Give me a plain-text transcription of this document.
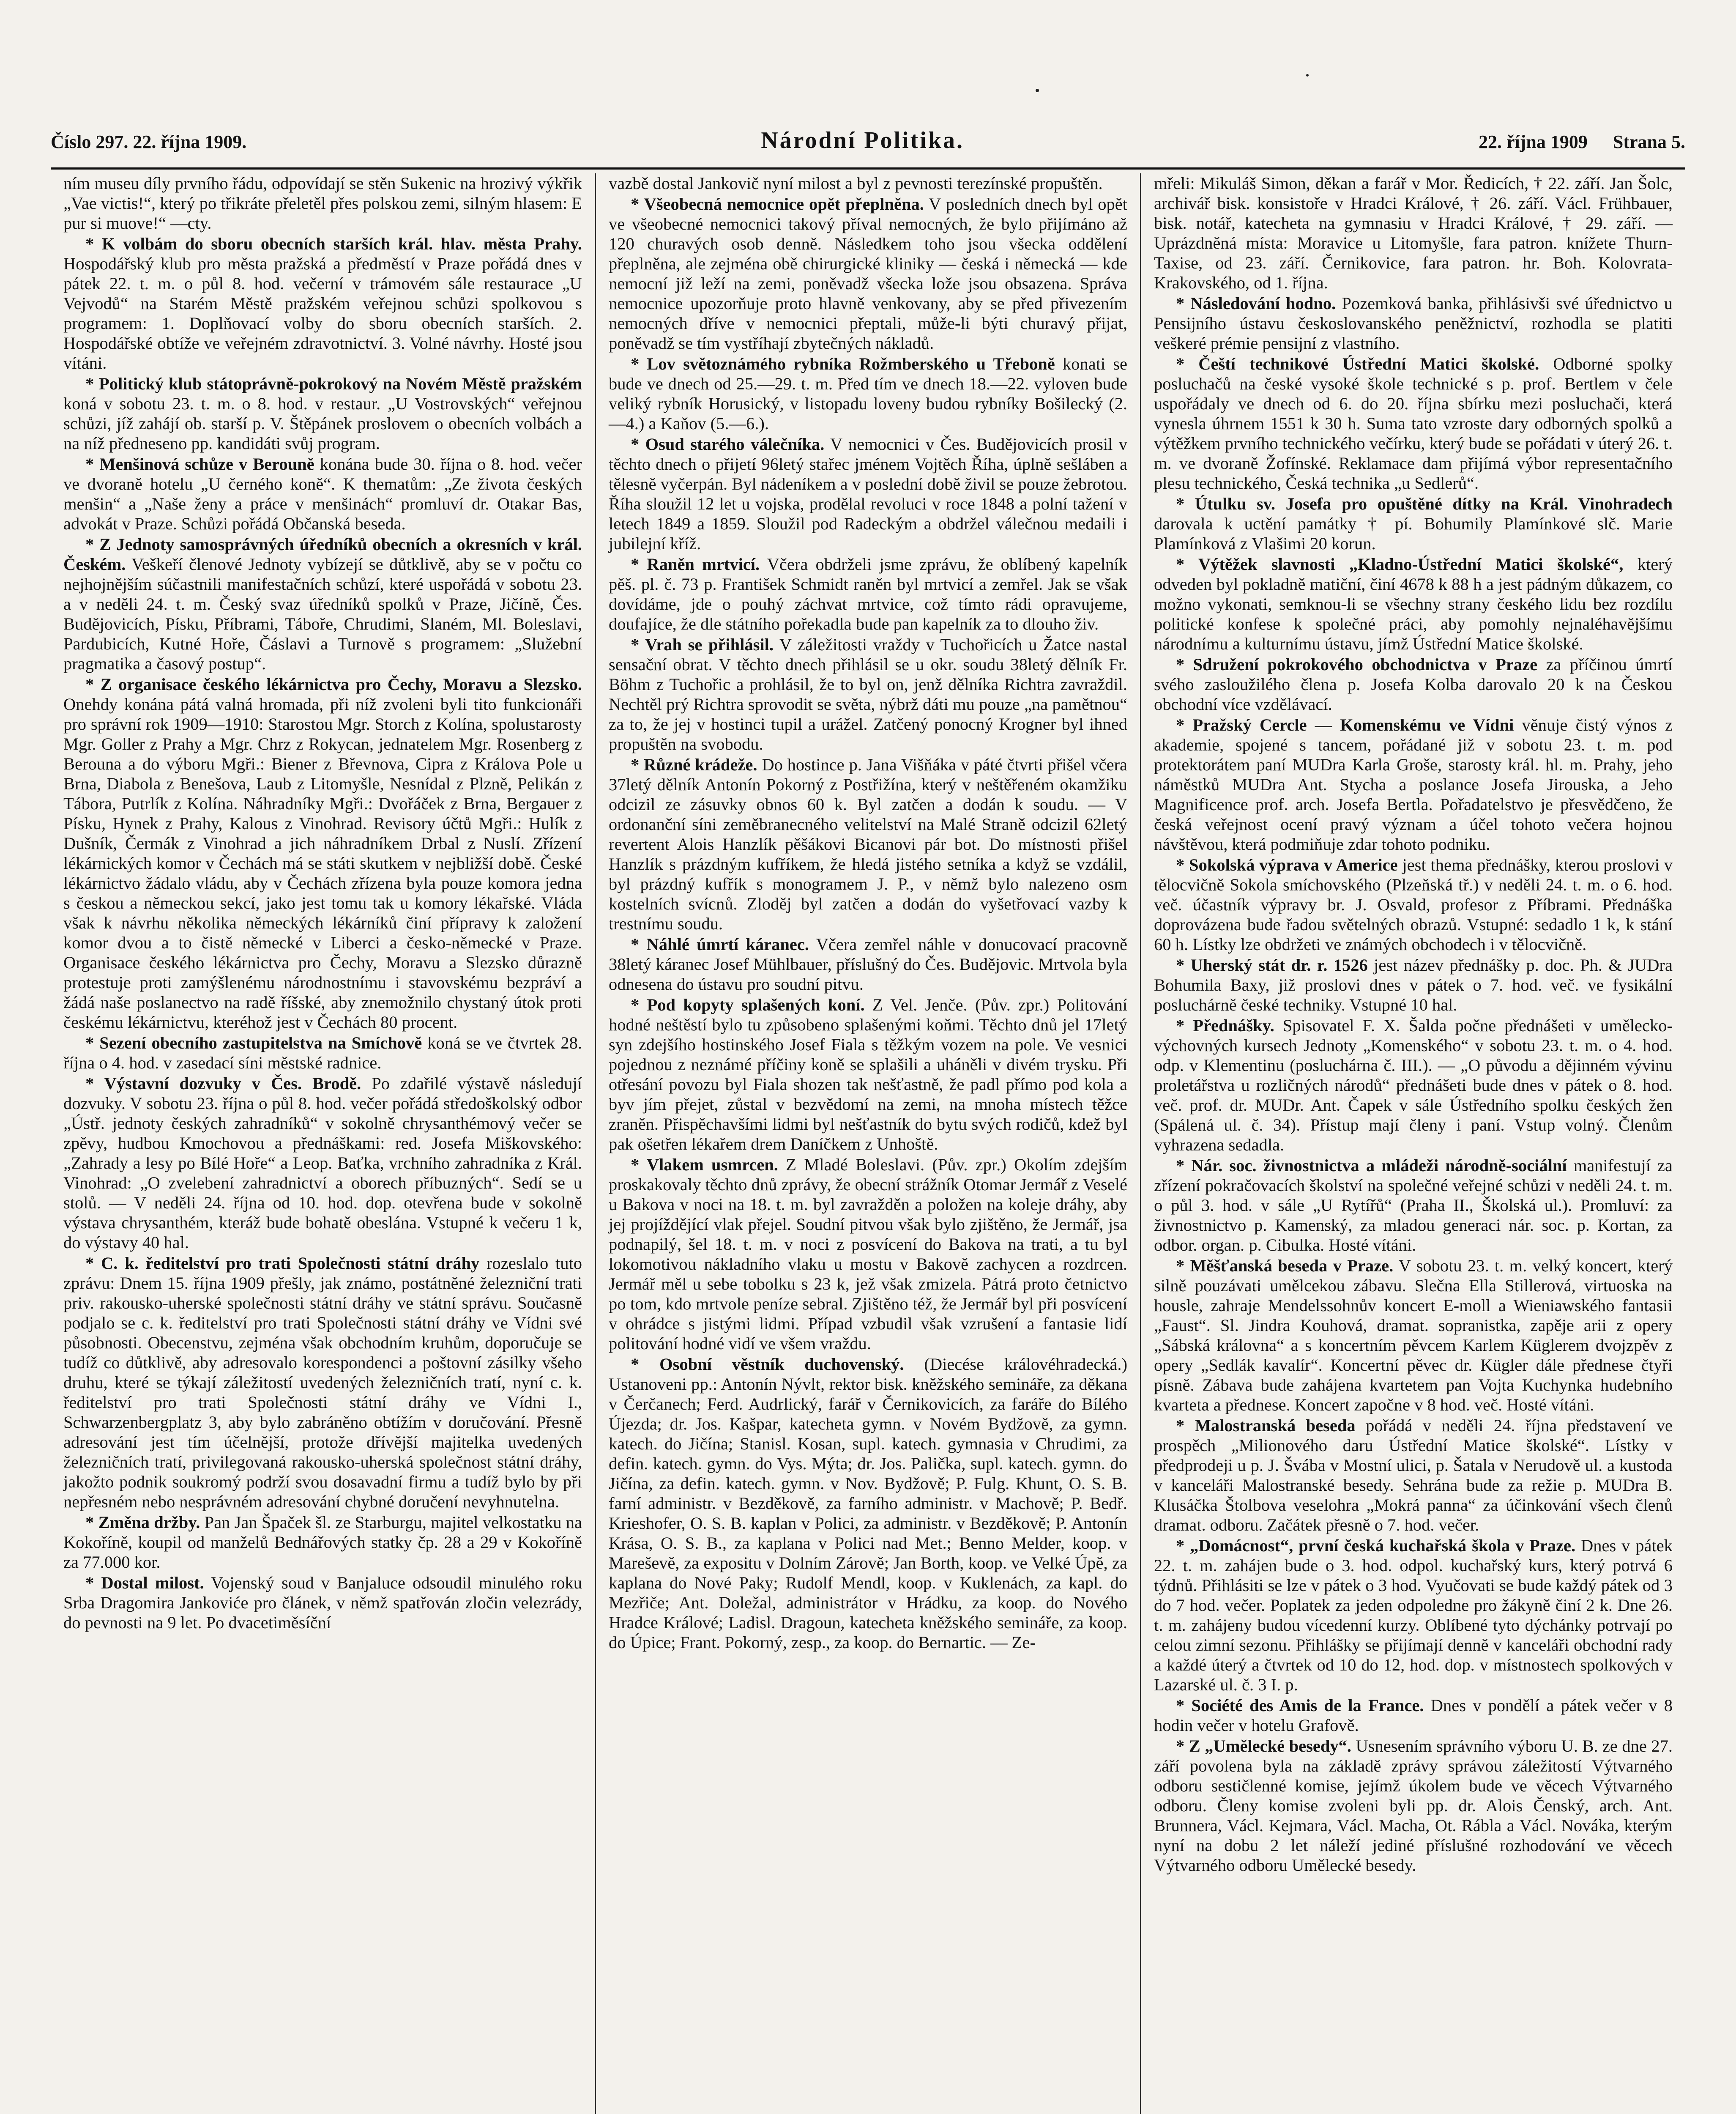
Číslo 297. 22. října 1909.	Národní Politika.	22. října 1909 Strana 5.

ním museu díly prvního řádu, odpovídají se stěn Sukenic na hrozivý výkřik „Vae victis!“, který po třikráte přeletěl přes polskou zemi, silným hlasem: E pur si muove!“ —cty.

* K volbám do sboru obecních starších král. hlav. města Prahy. Hospodářský klub pro města pražská a předměstí v Praze pořádá dnes v pátek 22. t. m. o půl 8. hod. večerní v trámovém sále restaurace „U Vejvodů“ na Starém Městě pražském veřejnou schůzi spolkovou s programem: 1. Doplňovací volby do sboru obecních starších. 2. Hospodářské obtíže ve veřejném zdravotnictví. 3. Volné návrhy. Hosté jsou vítáni.

* Politický klub státoprávně-pokrokový na Novém Městě pražském koná v sobotu 23. t. m. o 8. hod. v restaur. „U Vostrovských“ veřejnou schůzi, jíž zahájí ob. starší p. V. Štěpánek proslovem o obecních volbách a na níž předneseno pp. kandidáti svůj program.

* Menšinová schůze v Berouně konána bude 30. října o 8. hod. večer ve dvoraně hotelu „U černého koně“. K thematům: „Ze života českých menšin“ a „Naše ženy a práce v menšinách“ promluví dr. Otakar Bas, advokát v Praze. Schůzi pořádá Občanská beseda.

* Z Jednoty samosprávných úředníků obecních a okresních v král. Českém. Veškeří členové Jednoty vybízejí se důtklivě, aby se v počtu co nejhojnějším súčastnili manifestačních schůzí, které uspořádá v sobotu 23. a v neděli 24. t. m. Český svaz úředníků spolků v Praze, Jičíně, Čes. Budějovicích, Písku, Příbrami, Táboře, Chrudimi, Slaném, Ml. Boleslavi, Pardubicích, Kutné Hoře, Čáslavi a Turnově s programem: „Služební pragmatika a časový postup“.

* Z organisace českého lékárnictva pro Čechy, Moravu a Slezsko. Onehdy konána pátá valná hromada, při níž zvoleni byli tito funkcionáři pro správní rok 1909—1910: Starostou Mgr. Storch z Kolína, spolustarosty Mgr. Goller z Prahy a Mgr. Chrz z Rokycan, jednatelem Mgr. Rosenberg z Berouna a do výboru Mgři.: Biener z Břevnova, Cipra z Králova Pole u Brna, Diabola z Benešova, Laub z Litomyšle, Nesnídal z Plzně, Pelikán z Tábora, Putrlík z Kolína. Náhradníky Mgři.: Dvořáček z Brna, Bergauer z Písku, Hynek z Prahy, Kalous z Vinohrad. Revisory účtů Mgři.: Hulík z Dušník, Čermák z Vinohrad a jich náhradníkem Drbal z Nuslí. Zřízení lékárnických komor v Čechách má se státi skutkem v nejbližší době. České lékárnictvo žádalo vládu, aby v Čechách zřízena byla pouze komora jedna s českou a německou sekcí, jako jest tomu tak u komory lékařské. Vláda však k návrhu několika německých lékárníků činí přípravy k založení komor dvou a to čistě německé v Liberci a česko-německé v Praze. Organisace českého lékárnictva pro Čechy, Moravu a Slezsko důrazně protestuje proti zamýšlenému národnostnímu i stavovskému bezpráví a žádá naše poslanectvo na radě říšské, aby znemožnilo chystaný útok proti českému lékárnictvu, kteréhož jest v Čechách 80 procent.

* Sezení obecního zastupitelstva na Smíchově koná se ve čtvrtek 28. října o 4. hod. v zasedací síni městské radnice.

* Výstavní dozvuky v Čes. Brodě. Po zdařilé výstavě následují dozvuky. V sobotu 23. října o půl 8. hod. večer pořádá středoškolský odbor „Ústř. jednoty českých zahradníků“ v sokolně chrysanthémový večer se zpěvy, hudbou Kmochovou a přednáškami: red. Josefa Miškovského: „Zahrady a lesy po Bílé Hoře“ a Leop. Baťka, vrchního zahradníka z Král. Vinohrad: „O zvelebení zahradnictví a oborech příbuzných“. Sedí se u stolů. — V neděli 24. října od 10. hod. dop. otevřena bude v sokolně výstava chrysanthém, kteráž bude bohatě obeslána. Vstupné k večeru 1 k, do výstavy 40 hal.

* C. k. ředitelství pro trati Společnosti státní dráhy rozeslalo tuto zprávu: Dnem 15. října 1909 přešly, jak známo, postátněné železniční trati priv. rakousko-uherské společnosti státní dráhy ve státní správu. Současně podjalo se c. k. ředitelství pro trati Společnosti státní dráhy ve Vídni své působnosti. Obecenstvu, zejména však obchodním kruhům, doporučuje se tudíž co důtklivě, aby adresovalo korespondenci a poštovní zásilky všeho druhu, které se týkají záležitostí uvedených železničních tratí, nyní c. k. ředitelství pro trati Společnosti státní dráhy ve Vídni I., Schwarzenbergplatz 3, aby bylo zabráněno obtížím v doručování. Přesně adresování jest tím účelnější, protože dřívější majitelka uvedených železničních tratí, privilegovaná rakousko-uherská společnost státní dráhy, jakožto podnik soukromý podrží svou dosavadní firmu a tudíž bylo by při nepřesném nebo nesprávném adresování chybné doručení nevyhnutelna.

* Změna držby. Pan Jan Špaček šl. ze Starburgu, majitel velkostatku na Kokoříně, koupil od manželů Bednářových statky čp. 28 a 29 v Kokoříně za 77.000 kor.

* Dostal milost. Vojenský soud v Banjaluce odsoudil minulého roku Srba Dragomira Jankoviće pro článek, v němž spatřován zločin velezrády, do pevnosti na 9 let. Po dvacetiměsíční

vazbě dostal Jankovič nyní milost a byl z pevnosti terezínské propuštěn.

* Všeobecná nemocnice opět přeplněna. V posledních dnech byl opět ve všeobecné nemocnici takový příval nemocných, že bylo přijímáno až 120 churavých osob denně. Následkem toho jsou všecka oddělení přeplněna, ale zejména obě chirurgické kliniky — česká i německá — kde nemocní již leží na zemi, poněvadž všecka lože jsou obsazena. Správa nemocnice upozorňuje proto hlavně venkovany, aby se před přivezením nemocných dříve v nemocnici přeptali, může-li býti churavý přijat, poněvadž se tím vystříhají zbytečných nákladů.

* Lov světoznámého rybníka Rožmberského u Třeboně konati se bude ve dnech od 25.—29. t. m. Před tím ve dnech 18.—22. vyloven bude veliký rybník Horusický, v listopadu loveny budou rybníky Bošilecký (2.—4.) a Kaňov (5.—6.).

* Osud starého válečníka. V nemocnici v Čes. Budějovicích prosil v těchto dnech o přijetí 96letý stařec jménem Vojtěch Říha, úplně sešláben a tělesně vyčerpán. Byl nádeníkem a v poslední době živil se pouze žebrotou. Říha sloužil 12 let u vojska, prodělal revoluci v roce 1848 a polní tažení v letech 1849 a 1859. Sloužil pod Radeckým a obdržel válečnou medaili i jubilejní kříž.

* Raněn mrtvicí. Včera obdrželi jsme zprávu, že oblíbený kapelník pěš. pl. č. 73 p. František Schmidt raněn byl mrtvicí a zemřel. Jak se však dovídáme, jde o pouhý záchvat mrtvice, což tímto rádi opravujeme, doufajíce, že dle státního pořekadla bude pan kapelník za to dlouho živ.

* Vrah se přihlásil. V záležitosti vraždy v Tuchořicích u Žatce nastal sensační obrat. V těchto dnech přihlásil se u okr. soudu 38letý dělník Fr. Böhm z Tuchořic a prohlásil, že to byl on, jenž dělníka Richtra zavraždil. Nechtěl prý Richtra sprovodit se světa, nýbrž dáti mu pouze „na pamětnou“ za to, že jej v hostinci tupil a urážel. Zatčený ponocný Krogner byl ihned propuštěn na svobodu.

* Různé krádeže. Do hostince p. Jana Višňáka v páté čtvrti přišel včera 37letý dělník Antonín Pokorný z Postřižína, který v neštěřeném okamžiku odcizil ze zásuvky obnos 60 k. Byl zatčen a dodán k soudu. — V ordonanční síni zeměbranecného velitelství na Malé Straně odcizil 62letý revertent Alois Hanzlík pěšákovi Bicanovi pár bot. Do místnosti přišel Hanzlík s prázdným kufříkem, že hledá jistého setníka a když se vzdálil, byl prázdný kufřík s monogramem J. P., v němž bylo nalezeno osm kostelních svícnů. Zloděj byl zatčen a dodán do vyšetřovací vazby k trestnímu soudu.

* Náhlé úmrtí káranec. Včera zemřel náhle v donucovací pracovně 38letý káranec Josef Mühlbauer, příslušný do Čes. Budějovic. Mrtvola byla odnesena do ústavu pro soudní pitvu.

* Pod kopyty splašených koní. Z Vel. Jenče. (Pův. zpr.) Politování hodné neštěstí bylo tu způsobeno splašenými koňmi. Těchto dnů jel 17letý syn zdejšího hostinského Josef Fiala s těžkým vozem na pole. Ve vesnici pojednou z neznámé příčiny koně se splašili a uháněli v divém trysku. Při otřesání povozu byl Fiala shozen tak nešťastně, že padl přímo pod kola a byv jím přejet, zůstal v bezvědomí na zemi, na mnoha místech těžce zraněn. Přispěchavšími lidmi byl nešťastník do bytu svých rodičů, kdež byl pak ošetřen lékařem drem Daníčkem z Unhoště.

* Vlakem usmrcen. Z Mladé Boleslavi. (Pův. zpr.) Okolím zdejším proskakovaly těchto dnů zprávy, že obecní strážník Otomar Jermář z Veselé u Bakova v noci na 18. t. m. byl zavražděn a položen na koleje dráhy, aby jej projíždějící vlak přejel. Soudní pitvou však bylo zjištěno, že Jermář, jsa podnapilý, šel 18. t. m. v noci z posvícení do Bakova na trati, a tu byl lokomotivou nákladního vlaku u mostu v Bakově zachycen a rozdrcen. Jermář měl u sebe tobolku s 23 k, jež však zmizela. Pátrá proto četnictvo po tom, kdo mrtvole peníze sebral. Zjištěno též, že Jermář byl při posvícení v ohrádce s jistými lidmi. Případ vzbudil však vzrušení a fantasie lidí politování hodné vidí ve všem vraždu.

* Osobní věstník duchovenský. (Diecése královéhradecká.) Ustanoveni pp.: Antonín Nývlt, rektor bisk. kněžského semináře, za děkana v Čerčanech; Ferd. Audrlický, farář v Černikovicích, za faráře do Bílého Újezda; dr. Jos. Kašpar, katecheta gymn. v Novém Bydžově, za gymn. katech. do Jičína; Stanisl. Kosan, supl. katech. gymnasia v Chrudimi, za defin. katech. gymn. do Vys. Mýta; dr. Jos. Palička, supl. katech. gymn. do Jičína, za defin. katech. gymn. v Nov. Bydžově; P. Fulg. Khunt, O. S. B. farní administr. v Bezděkově, za farního administr. v Machově; P. Bedř. Krieshofer, O. S. B. kaplan v Polici, za administr. v Bezděkově; P. Antonín Krása, O. S. B., za kaplana v Polici nad Met.; Benno Melder, koop. v Mareševě, za expositu v Dolním Zárově; Jan Borth, koop. ve Velké Úpě, za kaplana do Nové Paky; Rudolf Mendl, koop. v Kuklenách, za kapl. do Mezřiče; Ant. Doležal, administrátor v Hrádku, za koop. do Nového Hradce Králové; Ladisl. Dragoun, katecheta kněžského semináře, za koop. do Úpice; Frant. Pokorný, zesp., za koop. do Bernartic. — Ze-

mřeli: Mikuláš Simon, děkan a farář v Mor. Ředicích, † 22. září. Jan Šolc, archivář bisk. konsistoře v Hradci Králové, † 26. září. Václ. Frühbauer, bisk. notář, katecheta na gymnasiu v Hradci Králové, † 29. září. — Uprázdněná místa: Moravice u Litomyšle, fara patron. knížete Thurn-Taxise, od 23. září. Černikovice, fara patron. hr. Boh. Kolovrata-Krakovského, od 1. října.

* Následování hodno. Pozemková banka, přihlásivši své úřednictvo u Pensijního ústavu českoslovanského peněžnictví, rozhodla se platiti veškeré prémie pensijní z vlastního.

* Čeští technikové Ústřední Matici školské. Odborné spolky posluchačů na české vysoké škole technické s p. prof. Bertlem v čele uspořádaly ve dnech od 6. do 20. října sbírku mezi posluchači, která vynesla úhrnem 1551 k 30 h. Suma tato vzroste dary odborných spolků a výtěžkem prvního technického večírku, který bude se pořádati v úterý 26. t. m. ve dvoraně Žofínské. Reklamace dam přijímá výbor representačního plesu technického, Česká technika „u Sedlerů“.

* Útulku sv. Josefa pro opuštěné dítky na Král. Vinohradech darovala k uctění památky † pí. Bohumily Plamínkové slč. Marie Plamínková z Vlašimi 20 korun.

* Výtěžek slavnosti „Kladno-Ústřední Matici školské“, který odveden byl pokladně matiční, činí 4678 k 88 h a jest pádným důkazem, co možno vykonati, semknou-li se všechny strany českého lidu bez rozdílu politické konfese k společné práci, aby pomohly nejnaléhavějšímu národnímu a kulturnímu ústavu, jímž Ústřední Matice školské.

* Sdružení pokrokového obchodnictva v Praze za příčinou úmrtí svého zasloužilého člena p. Josefa Kolba darovalo 20 k na Českou obchodní více vzdělávací.

* Pražský Cercle — Komenskému ve Vídni věnuje čistý výnos z akademie, spojené s tancem, pořádané již v sobotu 23. t. m. pod protektorátem paní MUDra Karla Groše, starosty král. hl. m. Prahy, jeho náměstků MUDra Ant. Stycha a poslance Josefa Jirouska, a Jeho Magnificence prof. arch. Josefa Bertla. Pořadatelstvo je přesvědčeno, že česká veřejnost ocení pravý význam a účel tohoto večera hojnou návštěvou, která podmiňuje zdar tohoto podniku.

* Sokolská výprava v Americe jest thema přednášky, kterou proslovi v tělocvičně Sokola smíchovského (Plzeňská tř.) v neděli 24. t. m. o 6. hod. več. účastník výpravy br. J. Osvald, profesor z Příbrami. Přednáška doprovázena bude řadou světelných obrazů. Vstupné: sedadlo 1 k, k stání 60 h. Lístky lze obdržeti ve známých obchodech i v tělocvičně.

* Uherský stát dr. r. 1526 jest název přednášky p. doc. Ph. & JUDra Bohumila Baxy, již proslovi dnes v pátek o 7. hod. več. ve fysikální posluchárně české techniky. Vstupné 10 hal.

* Přednášky. Spisovatel F. X. Šalda počne přednášeti v umělecko-výchovných kursech Jednoty „Komenského“ v sobotu 23. t. m. o 4. hod. odp. v Klementinu (posluchárna č. III.). — „O původu a dějinném vývinu proletářstva u rozličných národů“ přednášeti bude dnes v pátek o 8. hod. več. prof. dr. MUDr. Ant. Čapek v sále Ústředního spolku českých žen (Spálená ul. č. 34). Přístup mají členy i paní. Vstup volný. Členům vyhrazena sedadla.

* Nár. soc. živnostnictva a mládeži národně-sociální manifestují za zřízení pokračovacích školství na společné veřejné schůzi v neděli 24. t. m. o půl 3. hod. v sále „U Rytířů“ (Praha II., Školská ul.). Promluví: za živnostnictvo p. Kamenský, za mladou generaci nár. soc. p. Kortan, za odbor. organ. p. Cibulka. Hosté vítáni.

* Měšťanská beseda v Praze. V sobotu 23. t. m. velký koncert, který silně pouzávati umělcekou zábavu. Slečna Ella Stillerová, virtuoska na housle, zahraje Mendelssohnův koncert E-moll a Wieniawského fantasii „Faust“. Sl. Jindra Kouhová, dramat. sopranistka, zapěje arii z opery „Sábská královna“ a s koncertním pěvcem Karlem Küglerem dvojzpěv z opery „Sedlák kavalír“. Koncertní pěvec dr. Kügler dále přednese čtyři písně. Zábava bude zahájena kvartetem pan Vojta Kuchynka hudebního kvarteta a přednese. Koncert započne v 8 hod. več. Hosté vítáni.

* Malostranská beseda pořádá v neděli 24. října představení ve prospěch „Milionového daru Ústřední Matice školské“. Lístky v předprodeji u p. J. Švába v Mostní ulici, p. Šatala v Nerudově ul. a kustoda v kanceláři Malostranské besedy. Sehrána bude za režie p. MUDra B. Klusáčka Štolbova veselohra „Mokrá panna“ za účinkování všech členů dramat. odboru. Začátek přesně o 7. hod. večer.

* „Domácnost“, první česká kuchařská škola v Praze. Dnes v pátek 22. t. m. zahájen bude o 3. hod. odpol. kuchařský kurs, který potrvá 6 týdnů. Přihlásiti se lze v pátek o 3 hod. Vyučovati se bude každý pátek od 3 do 7 hod. večer. Poplatek za jeden odpoledne pro žákyně činí 2 k. Dne 26. t. m. zahájeny budou vícedenní kurzy. Oblíbené tyto dýchánky potrvají po celou zimní sezonu. Přihlášky se přijímají denně v kanceláři obchodní rady a každé úterý a čtvrtek od 10 do 12, hod. dop. v místnostech spolkových v Lazarské ul. č. 3 I. p.

* Société des Amis de la France. Dnes v pondělí a pátek večer v 8 hodin večer v hotelu Grafově.

* Z „Umělecké besedy“. Usnesením správního výboru U. B. ze dne 27. září povolena byla na základě zprávy správou záležitostí Výtvarného odboru sestičlenné komise, jejímž úkolem bude ve věcech Výtvarného odboru. Členy komise zvoleni byli pp. dr. Alois Čenský, arch. Ant. Brunnera, Václ. Kejmara, Václ. Macha, Ot. Rábla a Václ. Nováka, kterým nyní na dobu 2 let náleží jediné příslušné rozhodování ve věcech Výtvarného odboru Umělecké besedy.
